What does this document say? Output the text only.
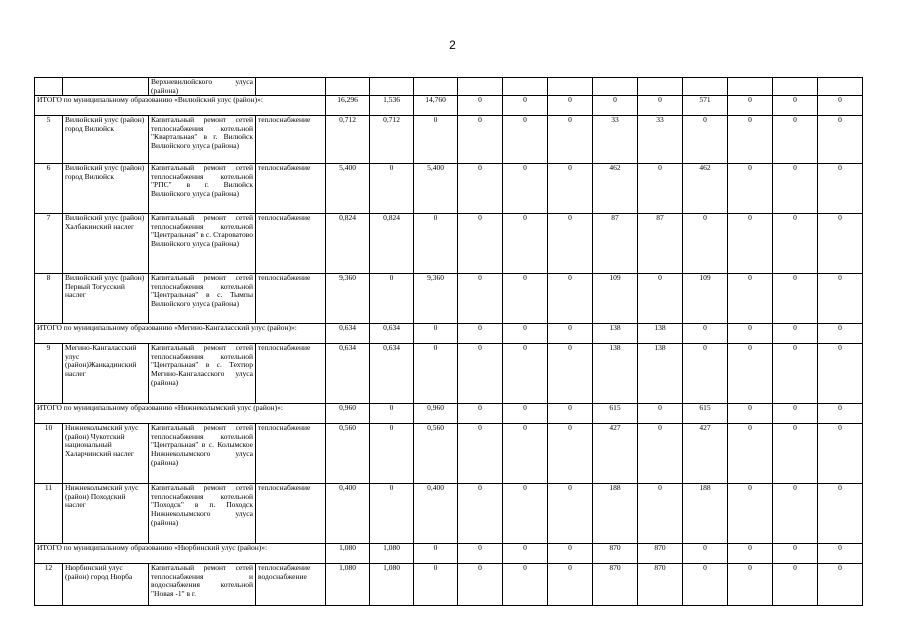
2
		Верхневилюйского улуса (района)													
ИТОГО по муниципальному образованию «Вилюйский улус (район)»:				16,296	1,536	14,760	0	0	0	0	0	571	0	0	0
5	Вилюйский улус (район) город Вилюйск	Капитальный ремонт сетей теплоснабжения котельной "Квартальная" в г. Вилюйск Вилюйского улуса (района)	теплоснабжение	0,712	0,712	0	0	0	0	33	33	0	0	0	0
6	Вилюйский улус (район) город Вилюйск	Капитальный ремонт сетей теплоснабжения котельной "РПС" в г. Вилюйск Вилюйского улуса (района)	теплоснабжение	5,400	0	5,400	0	0	0	462	0	462	0	0	0
7	Вилюйский улус (район) Халбакинский наслег	Капитальный ремонт сетей теплоснабжения котельной "Центральная" в с. Староватово Вилюйского улуса (района)	теплоснабжение	0,824	0,824	0	0	0	0	87	87	0	0	0	0
8	Вилюйский улус (район) Первый Тогусский наслег	Капитальный ремонт сетей теплоснабжения котельной "Центральная" в с. Тымпы Вилюйского улуса (района)	теплоснабжение	9,360	0	9,360	0	0	0	109	0	109	0	0	0
ИТОГО по муниципальному образованию «Мегино-Кангаласский улус (район)»:				0,634	0,634	0	0	0	0	138	138	0	0	0	0
9	Мегино-Кангаласский улус (район)Жанкадинский наслег	Капитальный ремонт сетей теплоснабжения котельной "Центральная" в с. Техтюр Мегино-Кангаласского улуса (района)	теплоснабжение	0,634	0,634	0	0	0	0	138	138	0	0	0	0
ИТОГО по муниципальному образованию «Нижнеколымский улус (район)»:				0,960	0	0,960	0	0	0	615	0	615	0	0	0
10	Нижнеколымский улус (район) Чукотский национальный Халарчинский наслег	Капитальный ремонт сетей теплоснабжения котельной "Центральная" в с. Колымское Нижнеколымского улуса (района)	теплоснабжение	0,560	0	0,560	0	0	0	427	0	427	0	0	0
11	Нижнеколымский улус (район) Походский наслег	Капитальный ремонт сетей теплоснабжения котельной "Походск" в п. Походск Нижнеколымского улуса (района)	теплоснабжение	0,400	0	0,400	0	0	0	188	0	188	0	0	0
ИТОГО по муниципальному образованию «Нюрбинский улус (район)»:				1,080	1,080	0	0	0	0	870	870	0	0	0	0
12	Нюрбинский улус (район) город Нюрба	Капитальный ремонт сетей теплоснабжения и водоснабжения котельной "Новая -1" в г.	теплоснабжение водоснабжение	1,080	1,080	0	0	0	0	870	870	0	0	0	0
